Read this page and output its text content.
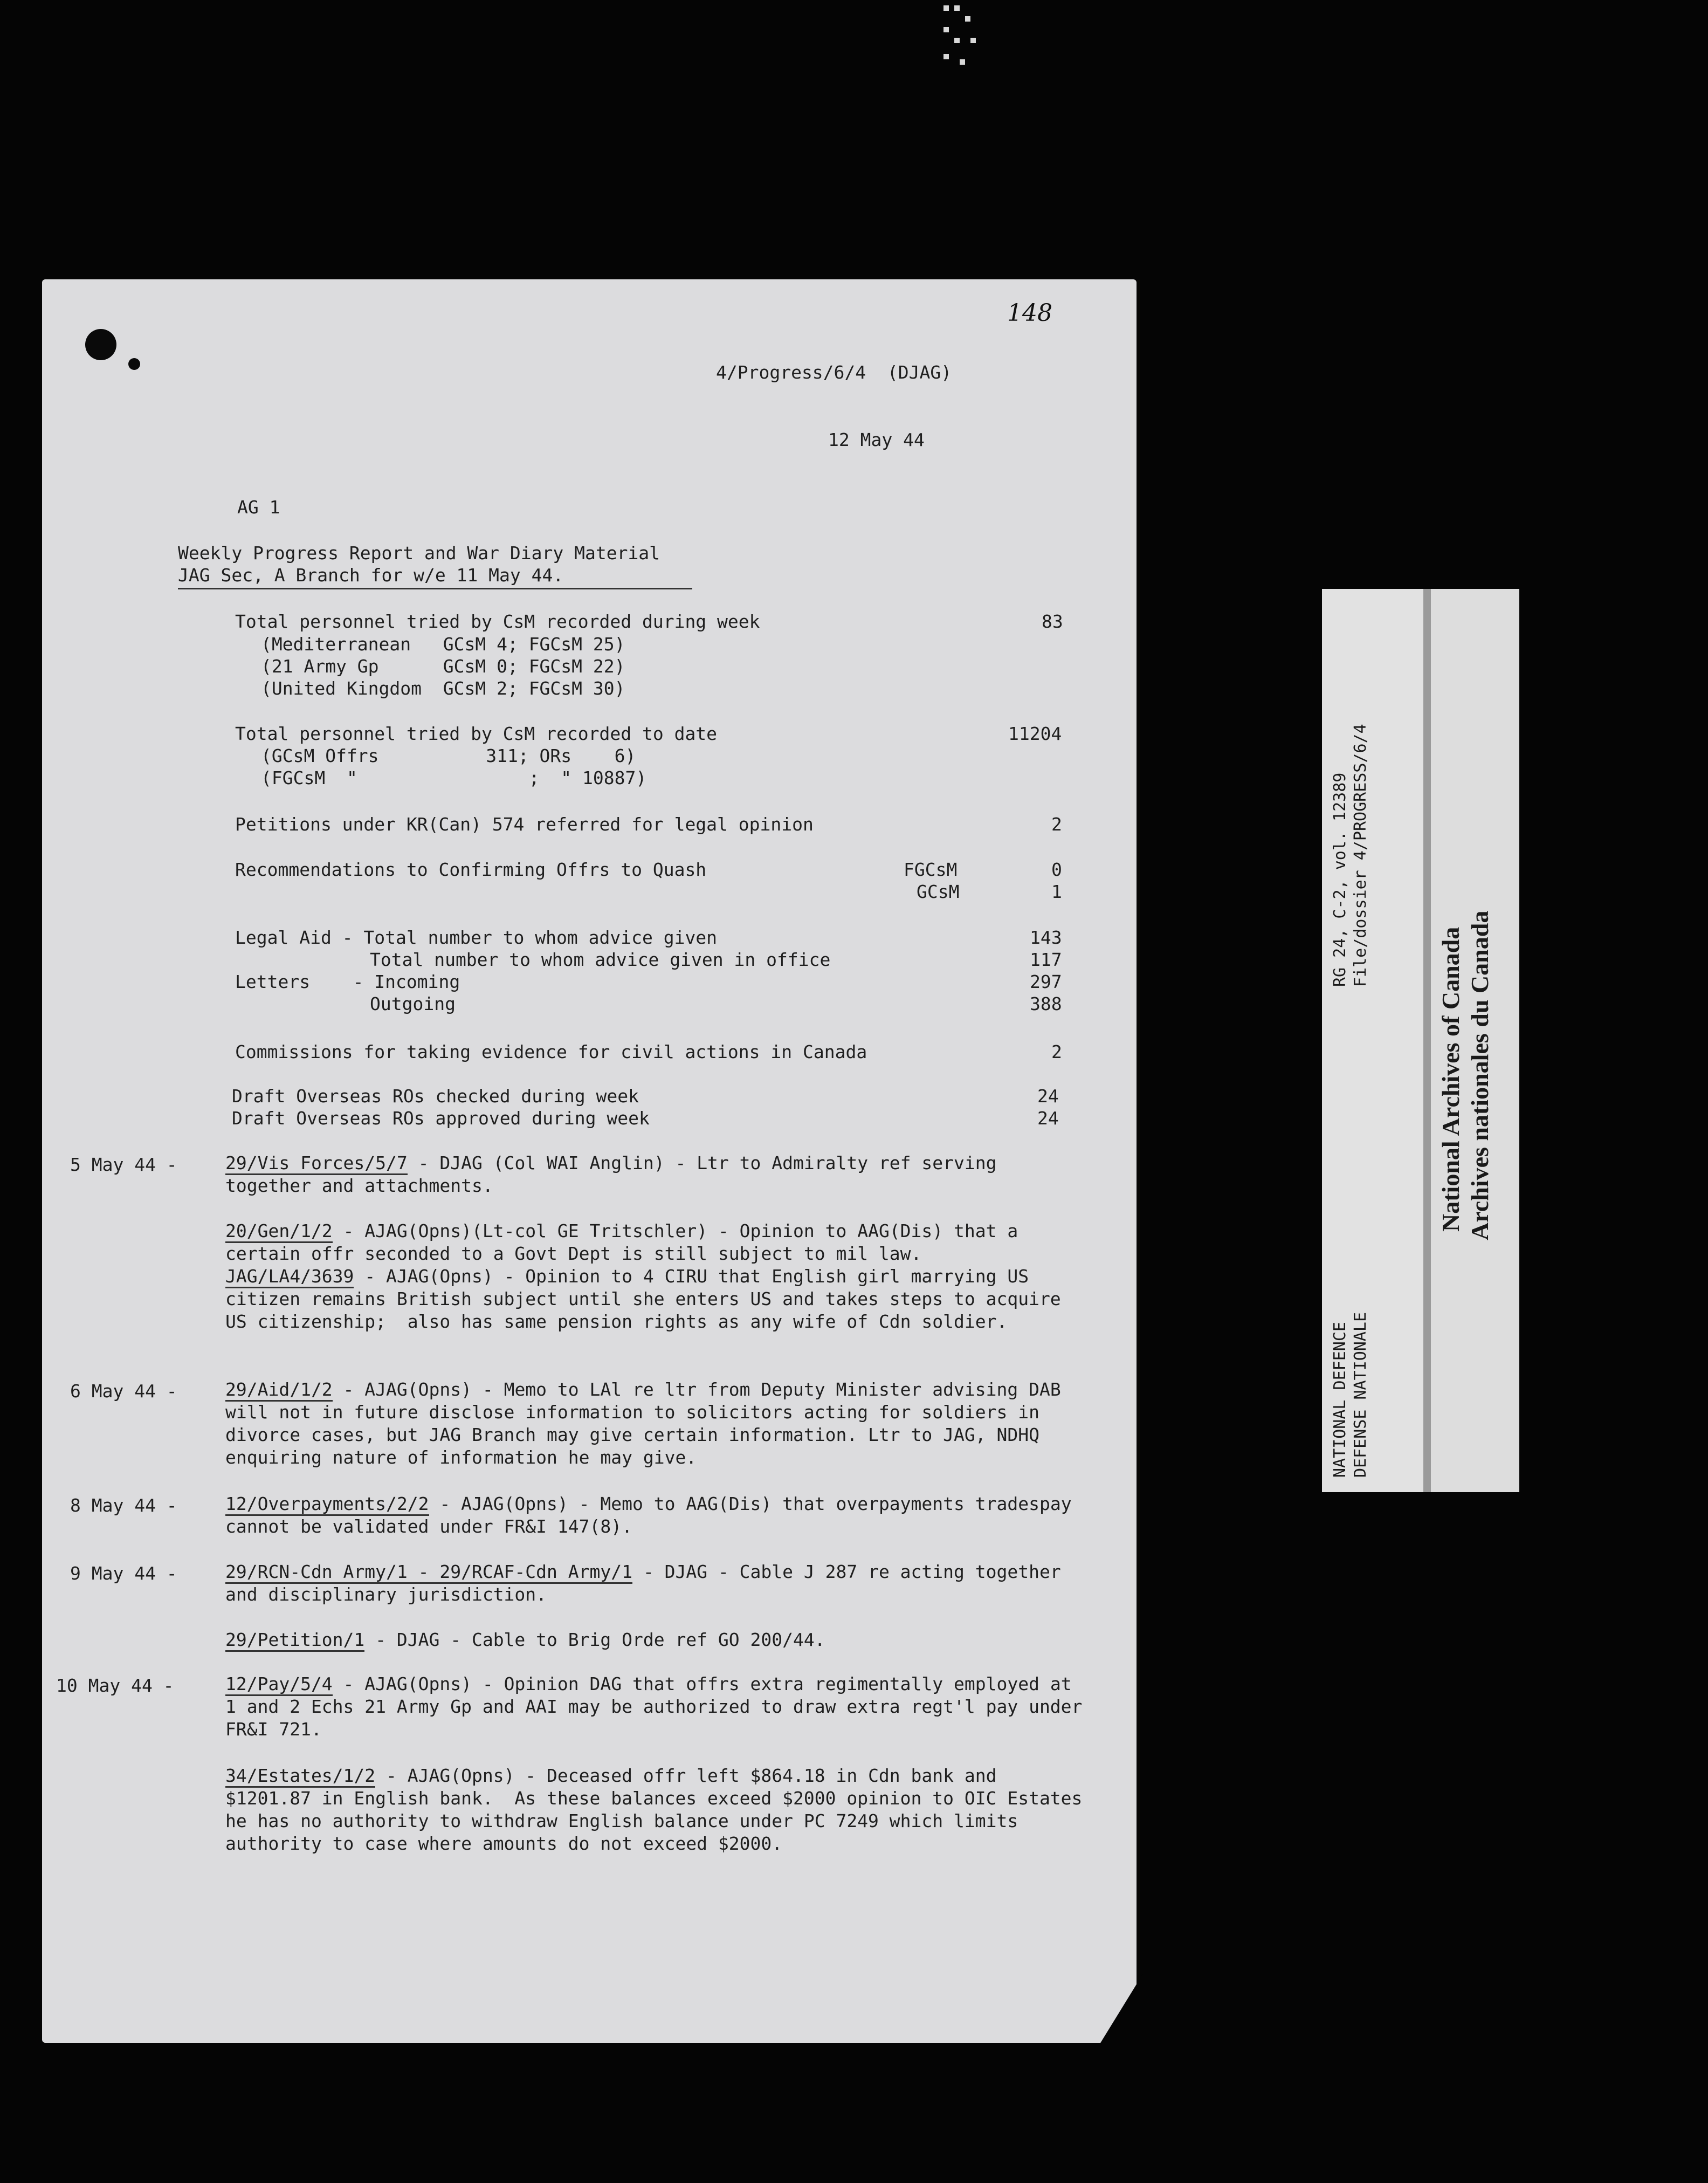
148
4/Progress/6/4  (DJAG)
12 May 44
AG 1
Weekly Progress Report and War Diary Material
JAG Sec, A Branch for w/e 11 May 44.
Total personnel tried by CsM recorded during week	83
(Mediterranean   GCsM 4; FGCsM 25)
(21 Army Gp      GCsM 0; FGCsM 22)
(United Kingdom  GCsM 2; FGCsM 30)
Total personnel tried by CsM recorded to date	11204
(GCsM Offrs          311; ORs    6)
(FGCsM  "                ;  " 10887)
Petitions under KR(Can) 574 referred for legal opinion	2
Recommendations to Confirming Offrs to Quash	FGCsM	0
GCsM	1
Legal Aid - Total number to whom advice given	143
Total number to whom advice given in office	117
Letters    - Incoming	297
Outgoing	388
Commissions for taking evidence for civil actions in Canada	2
Draft Overseas ROs checked during week	24
Draft Overseas ROs approved during week	24
5 May 44 -	29/Vis Forces/5/7 - DJAG (Col WAI Anglin) - Ltr to Admiralty ref serving together and attachments.
20/Gen/1/2 - AJAG(Opns)(Lt-col GE Tritschler) - Opinion to AAG(Dis) that a certain offr seconded to a Govt Dept is still subject to mil law.
JAG/LA4/3639 - AJAG(Opns) - Opinion to 4 CIRU that English girl marrying US citizen remains British subject until she enters US and takes steps to acquire US citizenship;  also has same pension rights as any wife of Cdn soldier.
6 May 44 -	29/Aid/1/2 - AJAG(Opns) - Memo to LAl re ltr from Deputy Minister advising DAB will not in future disclose information to solicitors acting for soldiers in divorce cases, but JAG Branch may give certain information. Ltr to JAG, NDHQ enquiring nature of information he may give.
8 May 44 -	12/Overpayments/2/2 - AJAG(Opns) - Memo to AAG(Dis) that overpayments tradespay cannot be validated under FR&I 147(8).
9 May 44 -	29/RCN-Cdn Army/1 - 29/RCAF-Cdn Army/1 - DJAG - Cable J 287 re acting together and disciplinary jurisdiction.
29/Petition/1 - DJAG - Cable to Brig Orde ref GO 200/44.
10 May 44 -	12/Pay/5/4 - AJAG(Opns) - Opinion DAG that offrs extra regimentally employed at 1 and 2 Echs 21 Army Gp and AAI may be authorized to draw extra regt'l pay under FR&I 721.
34/Estates/1/2 - AJAG(Opns) - Deceased offr left $864.18 in Cdn bank and $1201.87 in English bank.  As these balances exceed $2000 opinion to OIC Estates he has no authority to withdraw English balance under PC 7249 which limits authority to case where amounts do not exceed $2000.
RG 24, C-2, vol. 12389 File/dossier 4/PROGRESS/6/4
NATIONAL DEFENCE DEFENSE NATIONALE
National Archives of Canada Archives nationales du Canada
